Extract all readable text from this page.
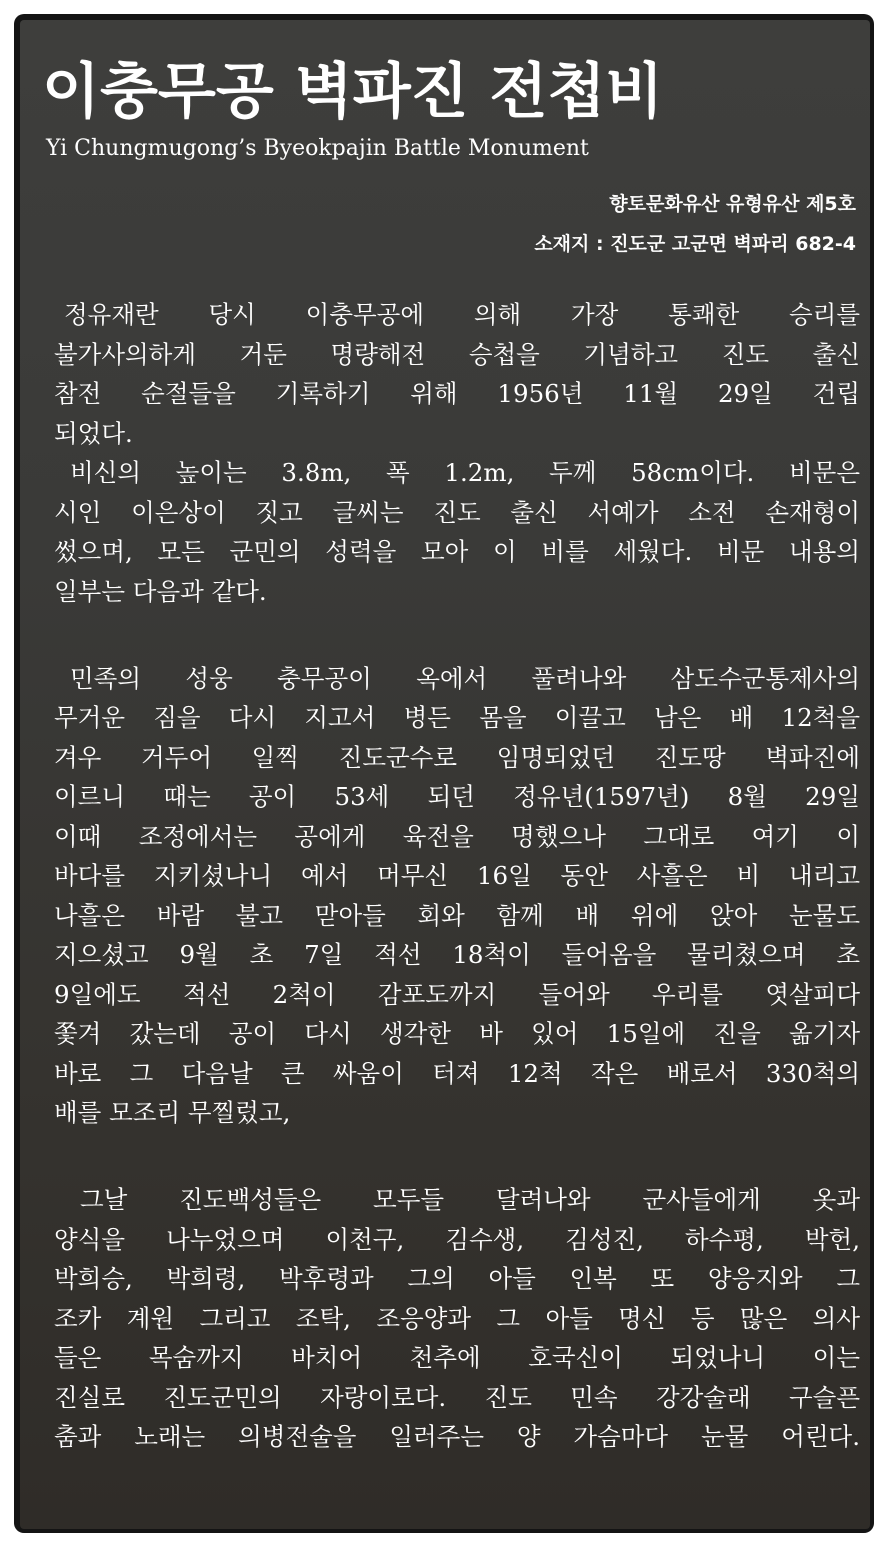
이충무공 벽파진 전첩비
Yi Chungmugong’s Byeokpajin Battle Monument
향토문화유산 유형유산 제5호
소재지 : 진도군 고군면 벽파리 682-4
정유재란 당시 이충무공에 의해 가장 통쾌한 승리를
불가사의하게 거둔 명량해전 승첩을 기념하고 진도 출신
참전 순절들을 기록하기 위해 1956년 11월 29일 건립
되었다.
비신의 높이는 3.8m, 폭 1.2m, 두께 58cm이다. 비문은
시인 이은상이 짓고 글씨는 진도 출신 서예가 소전 손재형이
썼으며, 모든 군민의 성력을 모아 이 비를 세웠다. 비문 내용의
일부는 다음과 같다.
민족의 성웅 충무공이 옥에서 풀려나와 삼도수군통제사의
무거운 짐을 다시 지고서 병든 몸을 이끌고 남은 배 12척을
겨우 거두어 일찍 진도군수로 임명되었던 진도땅 벽파진에
이르니 때는 공이 53세 되던 정유년(1597년) 8월 29일
이때 조정에서는 공에게 육전을 명했으나 그대로 여기 이
바다를 지키셨나니 예서 머무신 16일 동안 사흘은 비 내리고
나흘은 바람 불고 맏아들 회와 함께 배 위에 앉아 눈물도
지으셨고 9월 초 7일 적선 18척이 들어옴을 물리쳤으며 초
9일에도 적선 2척이 감포도까지 들어와 우리를 엿살피다
쫓겨 갔는데 공이 다시 생각한 바 있어 15일에 진을 옮기자
바로 그 다음날 큰 싸움이 터져 12척 작은 배로서 330척의
배를 모조리 무찔렀고,
그날 진도백성들은 모두들 달려나와 군사들에게 옷과
양식을 나누었으며 이천구, 김수생, 김성진, 하수평, 박헌,
박희승, 박희령, 박후령과 그의 아들 인복 또 양응지와 그
조카 계원 그리고 조탁, 조응양과 그 아들 명신 등 많은 의사
들은 목숨까지 바치어 천추에 호국신이 되었나니 이는
진실로 진도군민의 자랑이로다. 진도 민속 강강술래 구슬픈
춤과 노래는 의병전술을 일러주는 양 가슴마다 눈물 어린다.
